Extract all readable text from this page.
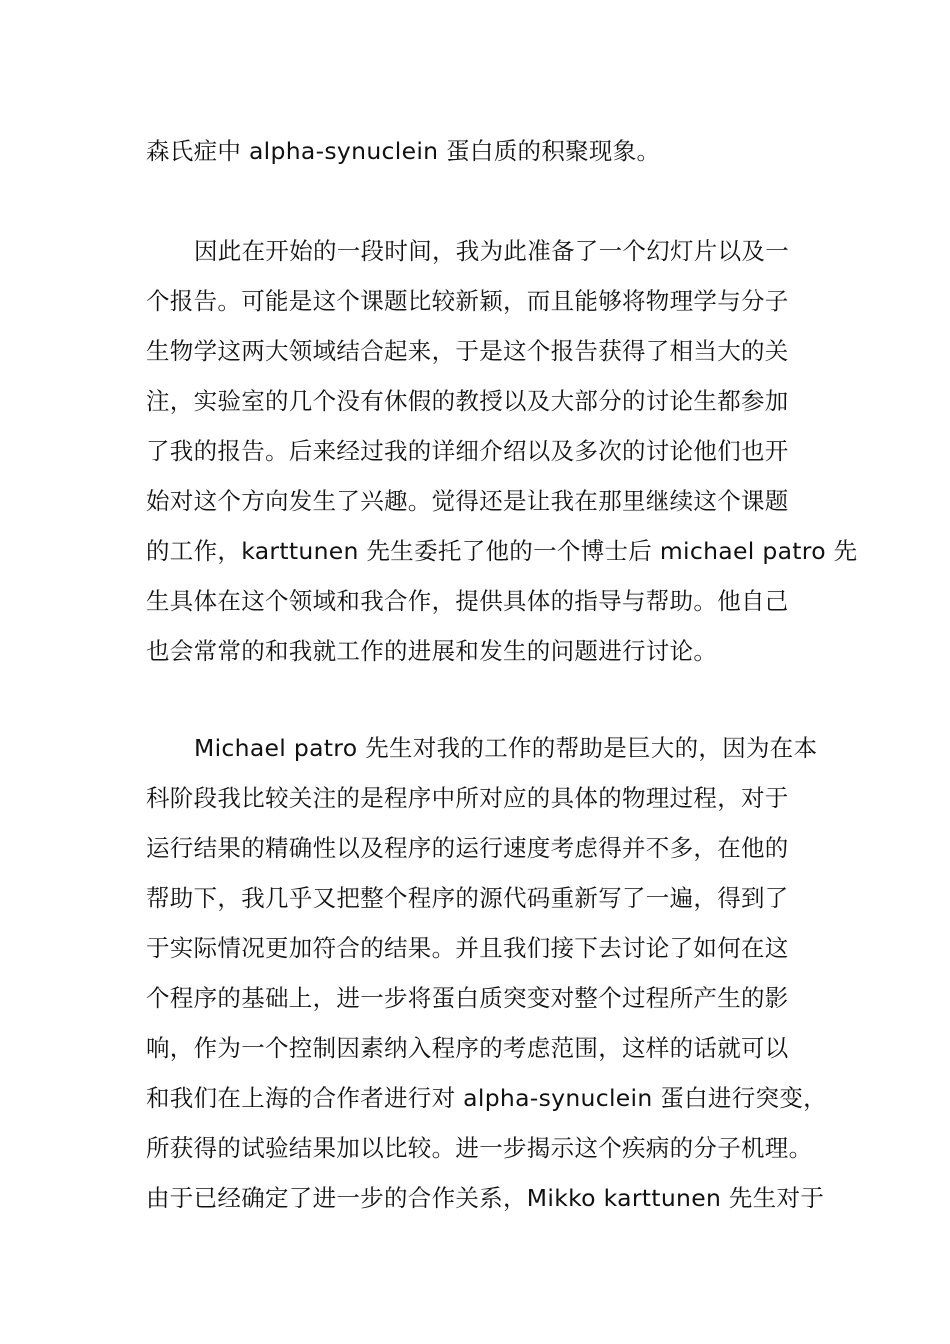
森氏症中 alpha-synuclein 蛋白质的积聚现象。
因此在开始的一段时间，我为此准备了一个幻灯片以及一
个报告。可能是这个课题比较新颖，而且能够将物理学与分子
生物学这两大领域结合起来，于是这个报告获得了相当大的关
注，实验室的几个没有休假的教授以及大部分的讨论生都参加
了我的报告。后来经过我的详细介绍以及多次的讨论他们也开
始对这个方向发生了兴趣。觉得还是让我在那里继续这个课题
的工作，karttunen 先生委托了他的一个博士后 michael patro 先
生具体在这个领域和我合作，提供具体的指导与帮助。他自己
也会常常的和我就工作的进展和发生的问题进行讨论。
Michael patro 先生对我的工作的帮助是巨大的，因为在本
科阶段我比较关注的是程序中所对应的具体的物理过程，对于
运行结果的精确性以及程序的运行速度考虑得并不多，在他的
帮助下，我几乎又把整个程序的源代码重新写了一遍，得到了
于实际情况更加符合的结果。并且我们接下去讨论了如何在这
个程序的基础上，进一步将蛋白质突变对整个过程所产生的影
响，作为一个控制因素纳入程序的考虑范围，这样的话就可以
和我们在上海的合作者进行对 alpha-synuclein 蛋白进行突变，
所获得的试验结果加以比较。进一步揭示这个疾病的分子机理。
由于已经确定了进一步的合作关系，Mikko karttunen 先生对于
